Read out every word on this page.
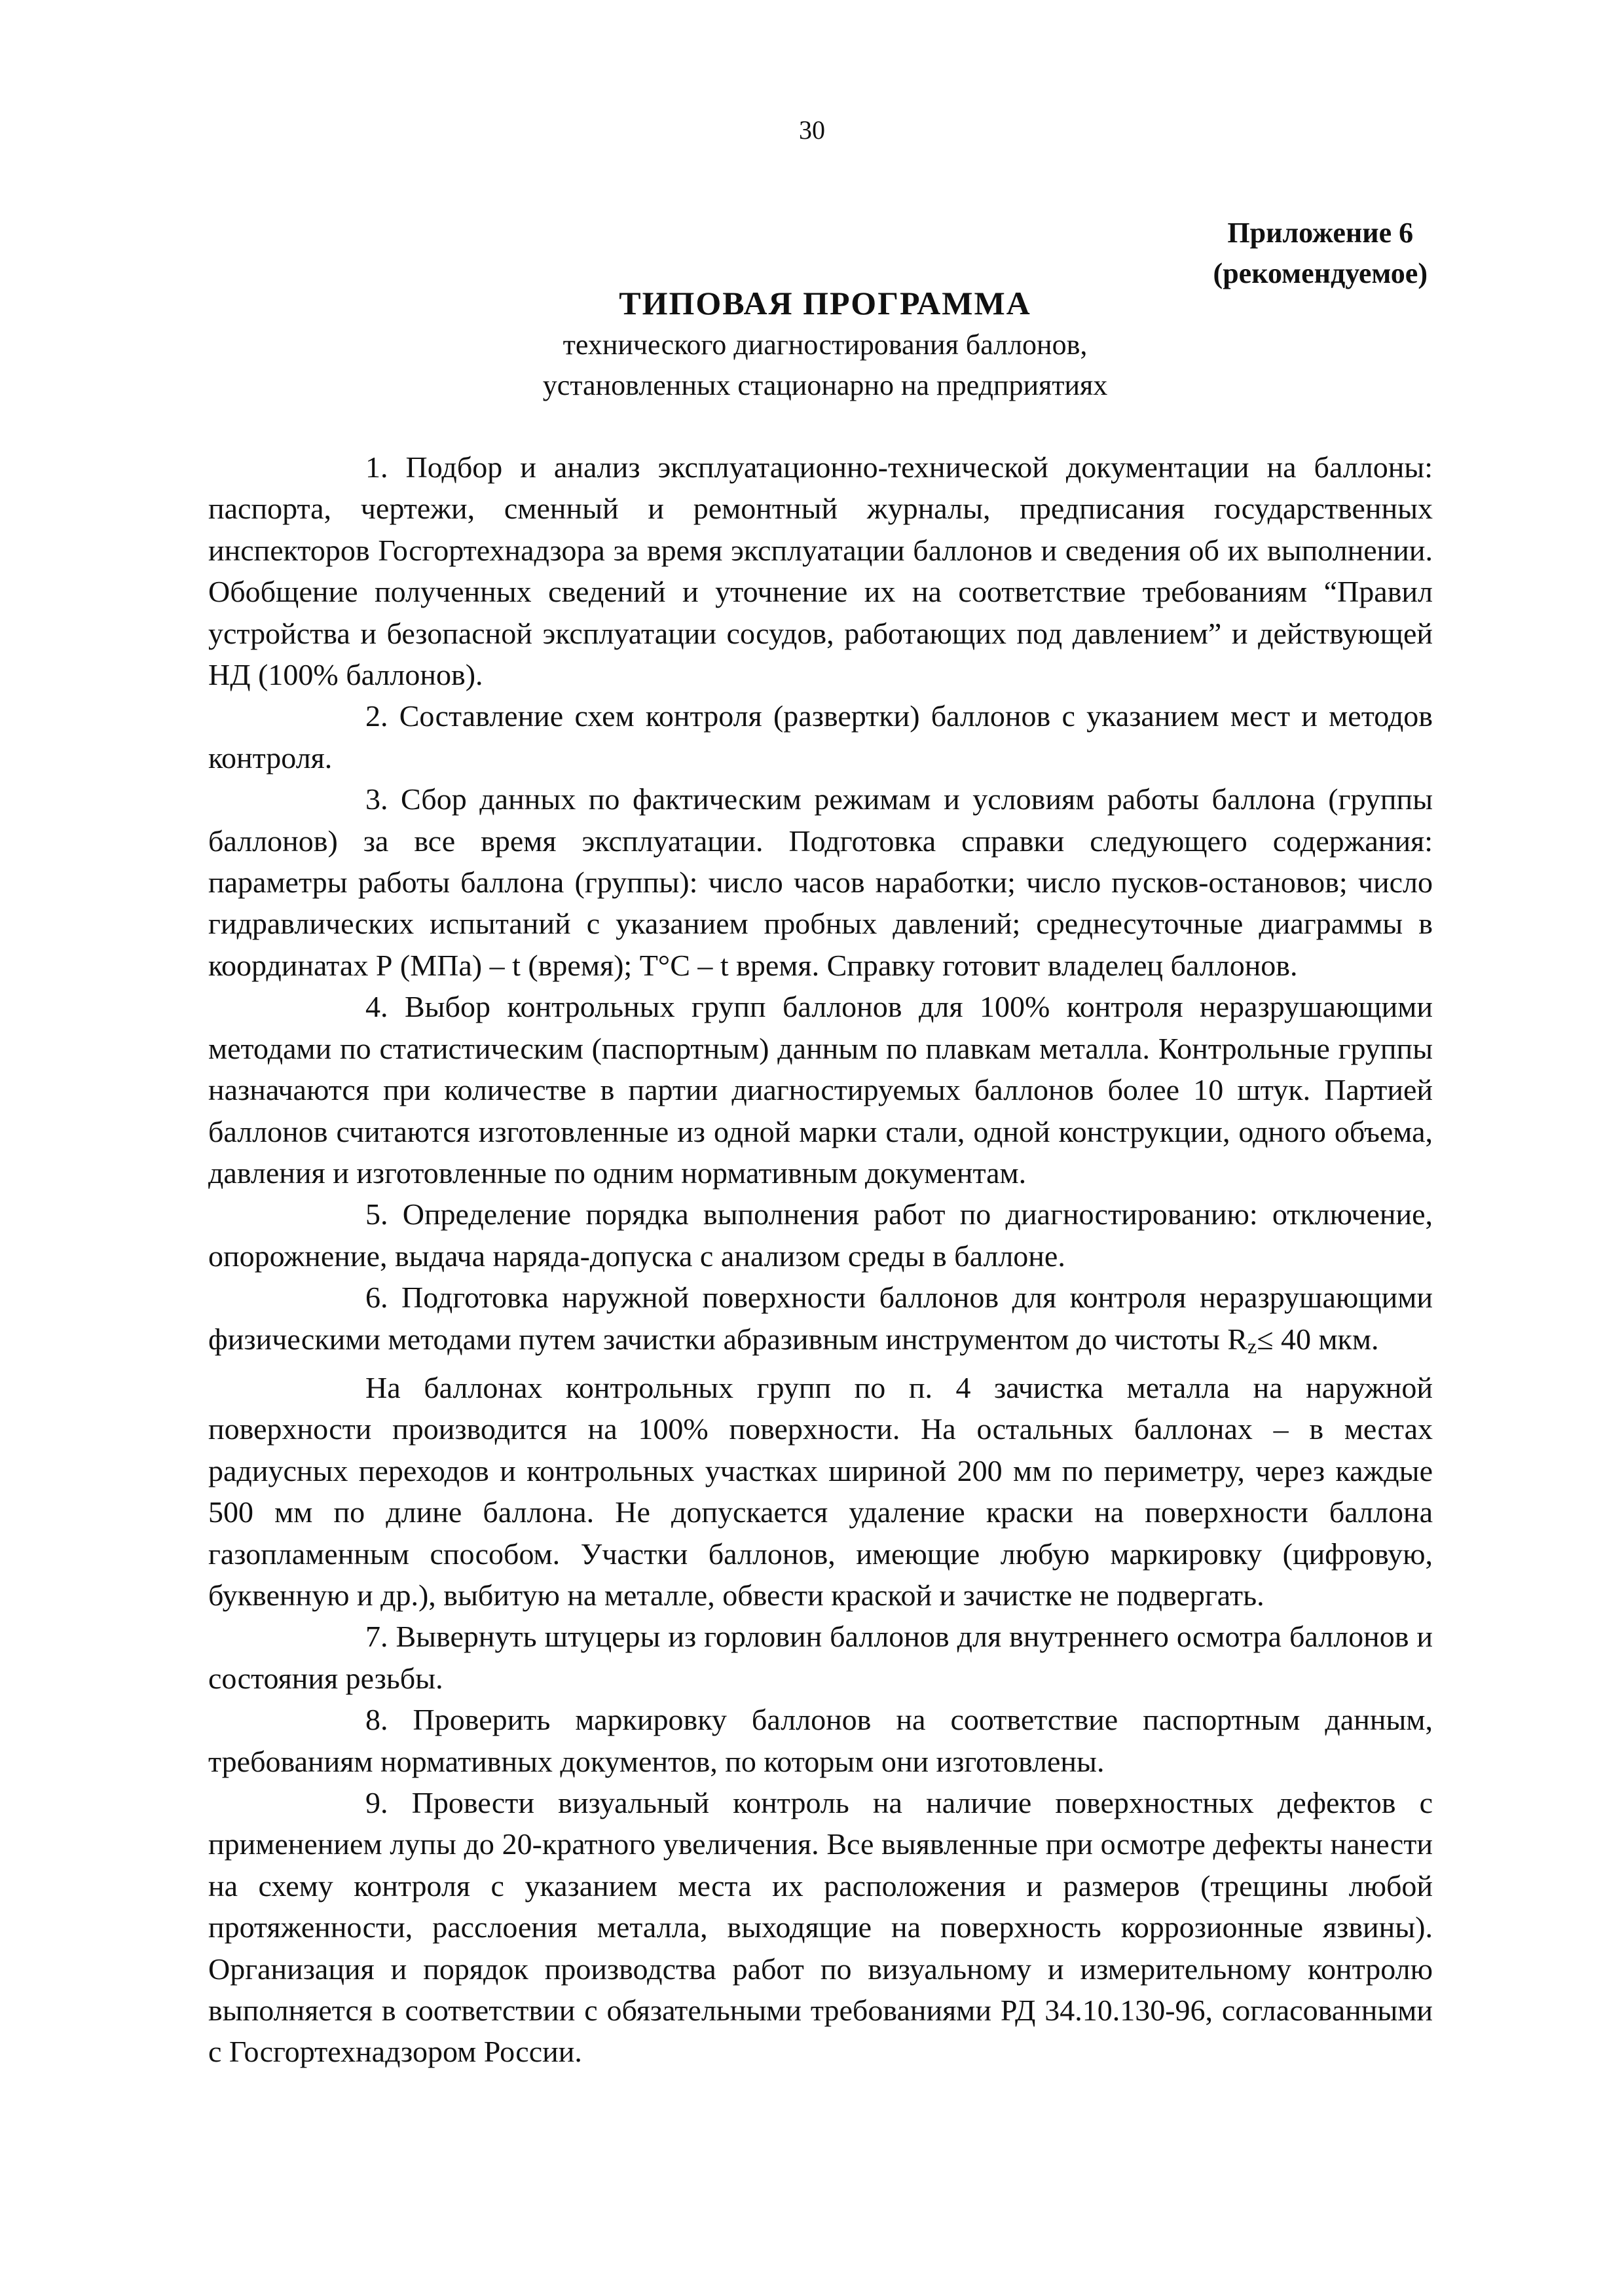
30
Приложение 6
(рекомендуемое)
ТИПОВАЯ ПРОГРАММА
технического диагностирования баллонов,
установленных стационарно на предприятиях

1. Подбор и анализ эксплуатационно-технической документации на баллоны: паспорта, чертежи, сменный и ремонтный журналы, предписания государственных инспекторов Госгортехнадзора за время эксплуатации баллонов и сведения об их выполнении. Обобщение полученных сведений и уточнение их на соответствие требованиям “Правил устройства и безопасной эксплуатации сосудов, работающих под давлением” и действующей НД (100% баллонов).

2. Составление схем контроля (развертки) баллонов с указанием мест и методов контроля.

3. Сбор данных по фактическим режимам и условиям работы баллона (группы баллонов) за все время эксплуатации. Подготовка справки следующего содержания: параметры работы баллона (группы): число часов наработки; число пусков-остановов; число гидравлических испытаний с указанием пробных давлений; среднесуточные диаграммы в координатах Р (МПа) – t (время); Т°С – t время. Справку готовит владелец баллонов.

4. Выбор контрольных групп баллонов для 100% контроля неразрушающими методами по статистическим (паспортным) данным по плавкам металла. Контрольные группы назначаются при количестве в партии диагностируемых баллонов более 10 штук. Партией баллонов считаются изготовленные из одной марки стали, одной конструкции, одного объема, давления и изготовленные по одним нормативным документам.

5. Определение порядка выполнения работ по диагностированию: отключение, опорожнение, выдача наряда-допуска с анализом среды в баллоне.

6. Подготовка наружной поверхности баллонов для контроля неразрушающими физическими методами путем зачистки абразивным инструментом до чистоты Rz≤ 40 мкм.

На баллонах контрольных групп по п. 4 зачистка металла на наружной поверхности производится на 100% поверхности. На остальных баллонах – в местах радиусных переходов и контрольных участках шириной 200 мм по периметру, через каждые 500 мм по длине баллона. Не допускается удаление краски на поверхности баллона газопламенным способом. Участки баллонов, имеющие любую маркировку (цифровую, буквенную и др.), выбитую на металле, обвести краской и зачистке не подвергать.

7. Вывернуть штуцеры из горловин баллонов для внутреннего осмотра баллонов и состояния резьбы.

8. Проверить маркировку баллонов на соответствие паспортным данным, требованиям нормативных документов, по которым они изготовлены.

9. Провести визуальный контроль на наличие поверхностных дефектов с применением лупы до 20-кратного увеличения. Все выявленные при осмотре дефекты нанести на схему контроля с указанием места их расположения и размеров (трещины любой протяженности, расслоения металла, выходящие на поверхность коррозионные язвины). Организация и порядок производства работ по визуальному и измерительному контролю выполняется в соответствии с обязательными требованиями РД 34.10.130-96, согласованными с Госгортехнадзором России.
